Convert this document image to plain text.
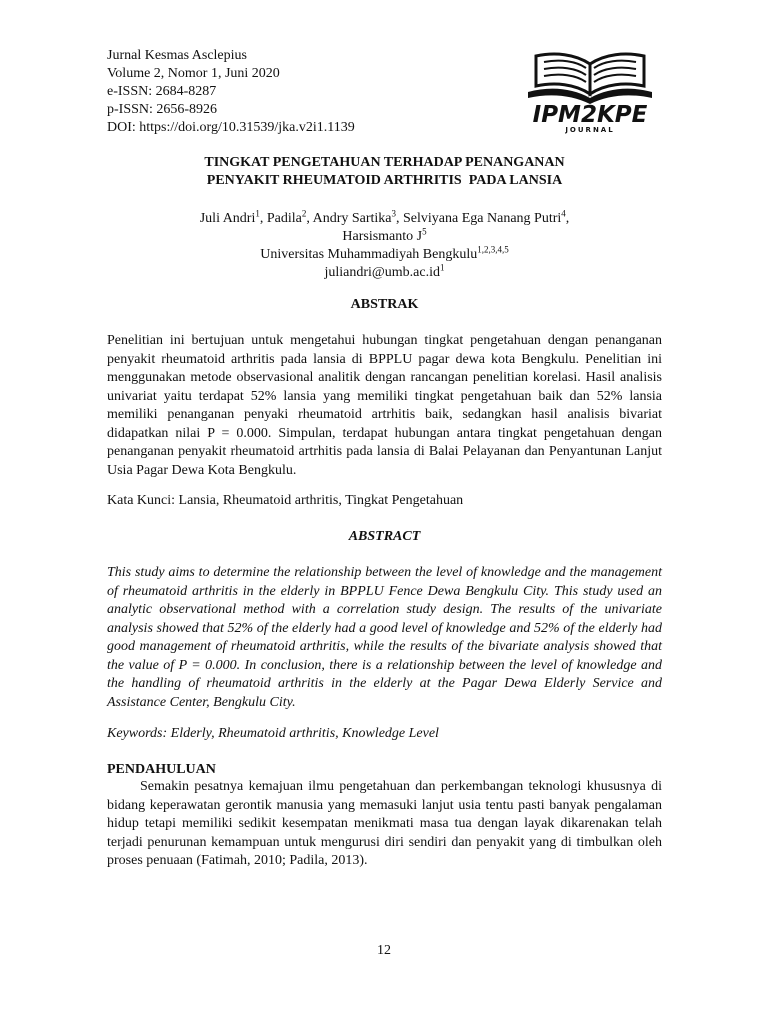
Jurnal Kesmas Asclepius
Volume 2, Nomor 1, Juni 2020
e-ISSN: 2684-8287
p-ISSN: 2656-8926
DOI: https://doi.org/10.31539/jka.v2i1.1139	IPM2KPE
JOURNAL
TINGKAT PENGETAHUAN TERHADAP PENANGANAN
PENYAKIT RHEUMATOID ARTHRITIS  PADA LANSIA
Juli Andri$^1$, Padila$^2$, Andry Sartika$^3$, Selviyana Ega Nanang Putri$^4$,
Harsismanto $J^5$
Universitas Muhammadiyah Bengkulu$^{1,2,3,4,5}$
$juliandri@umb.ac.id^1$
ABSTRAK
Penelitian ini bertujuan untuk mengetahui hubungan tingkat pengetahuan dengan penanganan penyakit rheumatoid arthritis pada lansia di BPPLU pagar dewa kota Bengkulu. Penelitian ini menggunakan metode observasional analitik dengan rancangan penelitian korelasi. Hasil analisis univariat yaitu terdapat 52% lansia yang memiliki tingkat pengetahuan baik dan 52% lansia memiliki penanganan penyaki rheumatoid artrhitis baik, sedangkan hasil analisis bivariat didapatkan nilai P = 0.000. Simpulan, terdapat hubungan antara tingkat pengetahuan dengan penanganan penyakit rheumatoid artrhitis pada lansia di Balai Pelayanan dan Penyantunan Lanjut Usia Pagar Dewa Kota Bengkulu.
Kata Kunci: Lansia, Rheumatoid arthritis, Tingkat Pengetahuan
ABSTRACT
This study aims to determine the relationship between the level of knowledge and the management of rheumatoid arthritis in the elderly in BPPLU Fence Dewa Bengkulu City. This study used an analytic observational method with a correlation study design. The results of the univariate analysis showed that 52% of the elderly had a good level of knowledge and 52% of the elderly had good management of rheumatoid arthritis, while the results of the bivariate analysis showed that the value of P = 0.000. In conclusion, there is a relationship between the level of knowledge and the handling of rheumatoid arthritis in the elderly at the Pagar Dewa Elderly Service and Assistance Center, Bengkulu City.
Keywords: Elderly, Rheumatoid arthritis, Knowledge Level
PENDAHULUAN
Semakin pesatnya kemajuan ilmu pengetahuan dan perkembangan teknologi khususnya di bidang keperawatan gerontik manusia yang memasuki lanjut usia tentu pasti banyak pengalaman hidup tetapi memiliki sedikit kesempatan menikmati masa tua dengan layak dikarenakan telah terjadi penurunan kemampuan untuk mengurusi diri sendiri dan penyakit yang di timbulkan oleh proses penuaan (Fatimah, 2010; Padila, 2013).
12
